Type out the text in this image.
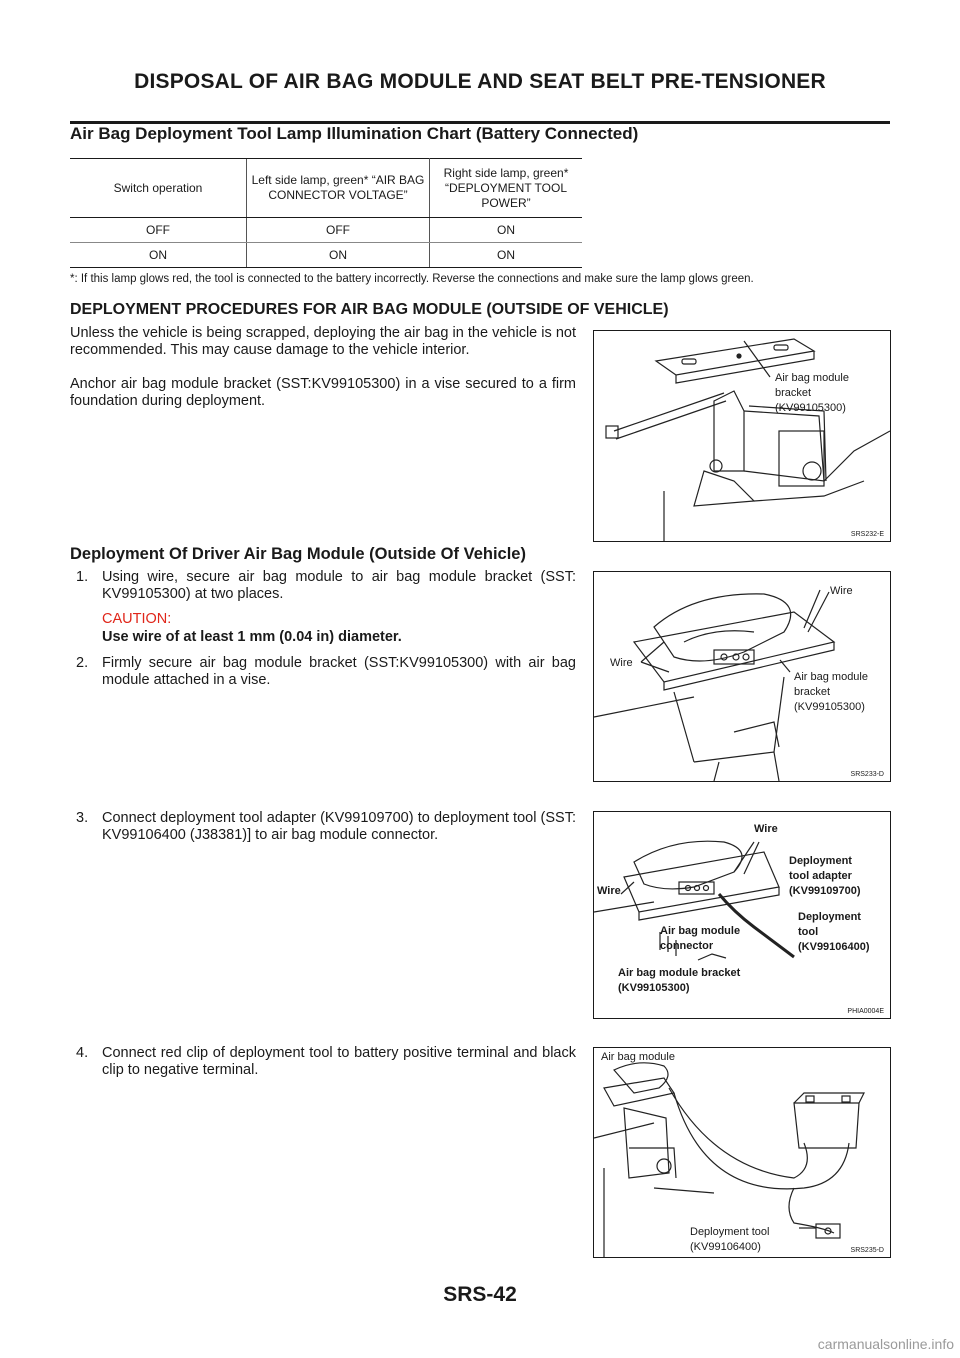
DISPOSAL OF AIR BAG MODULE AND SEAT BELT PRE-TENSIONER
Air Bag Deployment Tool Lamp Illumination Chart (Battery Connected)
Switch operation	Left side lamp, green* “AIR BAG CONNECTOR VOLTAGE”	Right side lamp, green* “DEPLOYMENT TOOL POWER”
OFF	OFF	ON
ON	ON	ON
*: If this lamp glows red, the tool is connected to the battery incorrectly. Reverse the connections and make sure the lamp glows green.
DEPLOYMENT PROCEDURES FOR AIR BAG MODULE (OUTSIDE OF VEHICLE)
Unless the vehicle is being scrapped, deploying the air bag in the vehicle is not recommended. This may cause damage to the vehicle interior.
Anchor air bag module bracket (SST:KV99105300) in a vise secured to a firm foundation during deployment.
Air bag module
bracket
(KV99105300)
SRS232-E
Deployment Of Driver Air Bag Module (Outside Of Vehicle)
1. Using wire, secure air bag module to air bag module bracket (SST: KV99105300) at two places.
CAUTION:
Use wire of at least 1 mm (0.04 in) diameter.
2. Firmly secure air bag module bracket (SST:KV99105300) with air bag module attached in a vise.
Wire
Wire
Air bag module
bracket
(KV99105300)
SRS233-D
3. Connect deployment tool adapter (KV99109700) to deployment tool (SST: KV99106400 (J38381)] to air bag module connector.	Wire
Wire
Deployment
tool adapter
(KV99109700)
Deployment
tool
(KV99106400)
Air bag module
connector
Air bag module bracket
(KV99105300)
PHIA0004E
4. Connect red clip of deployment tool to battery positive terminal and black clip to negative terminal.
Air bag module
Deployment tool
(KV99106400)	SRS235-D
SRS-42
carmanualsonline.info
